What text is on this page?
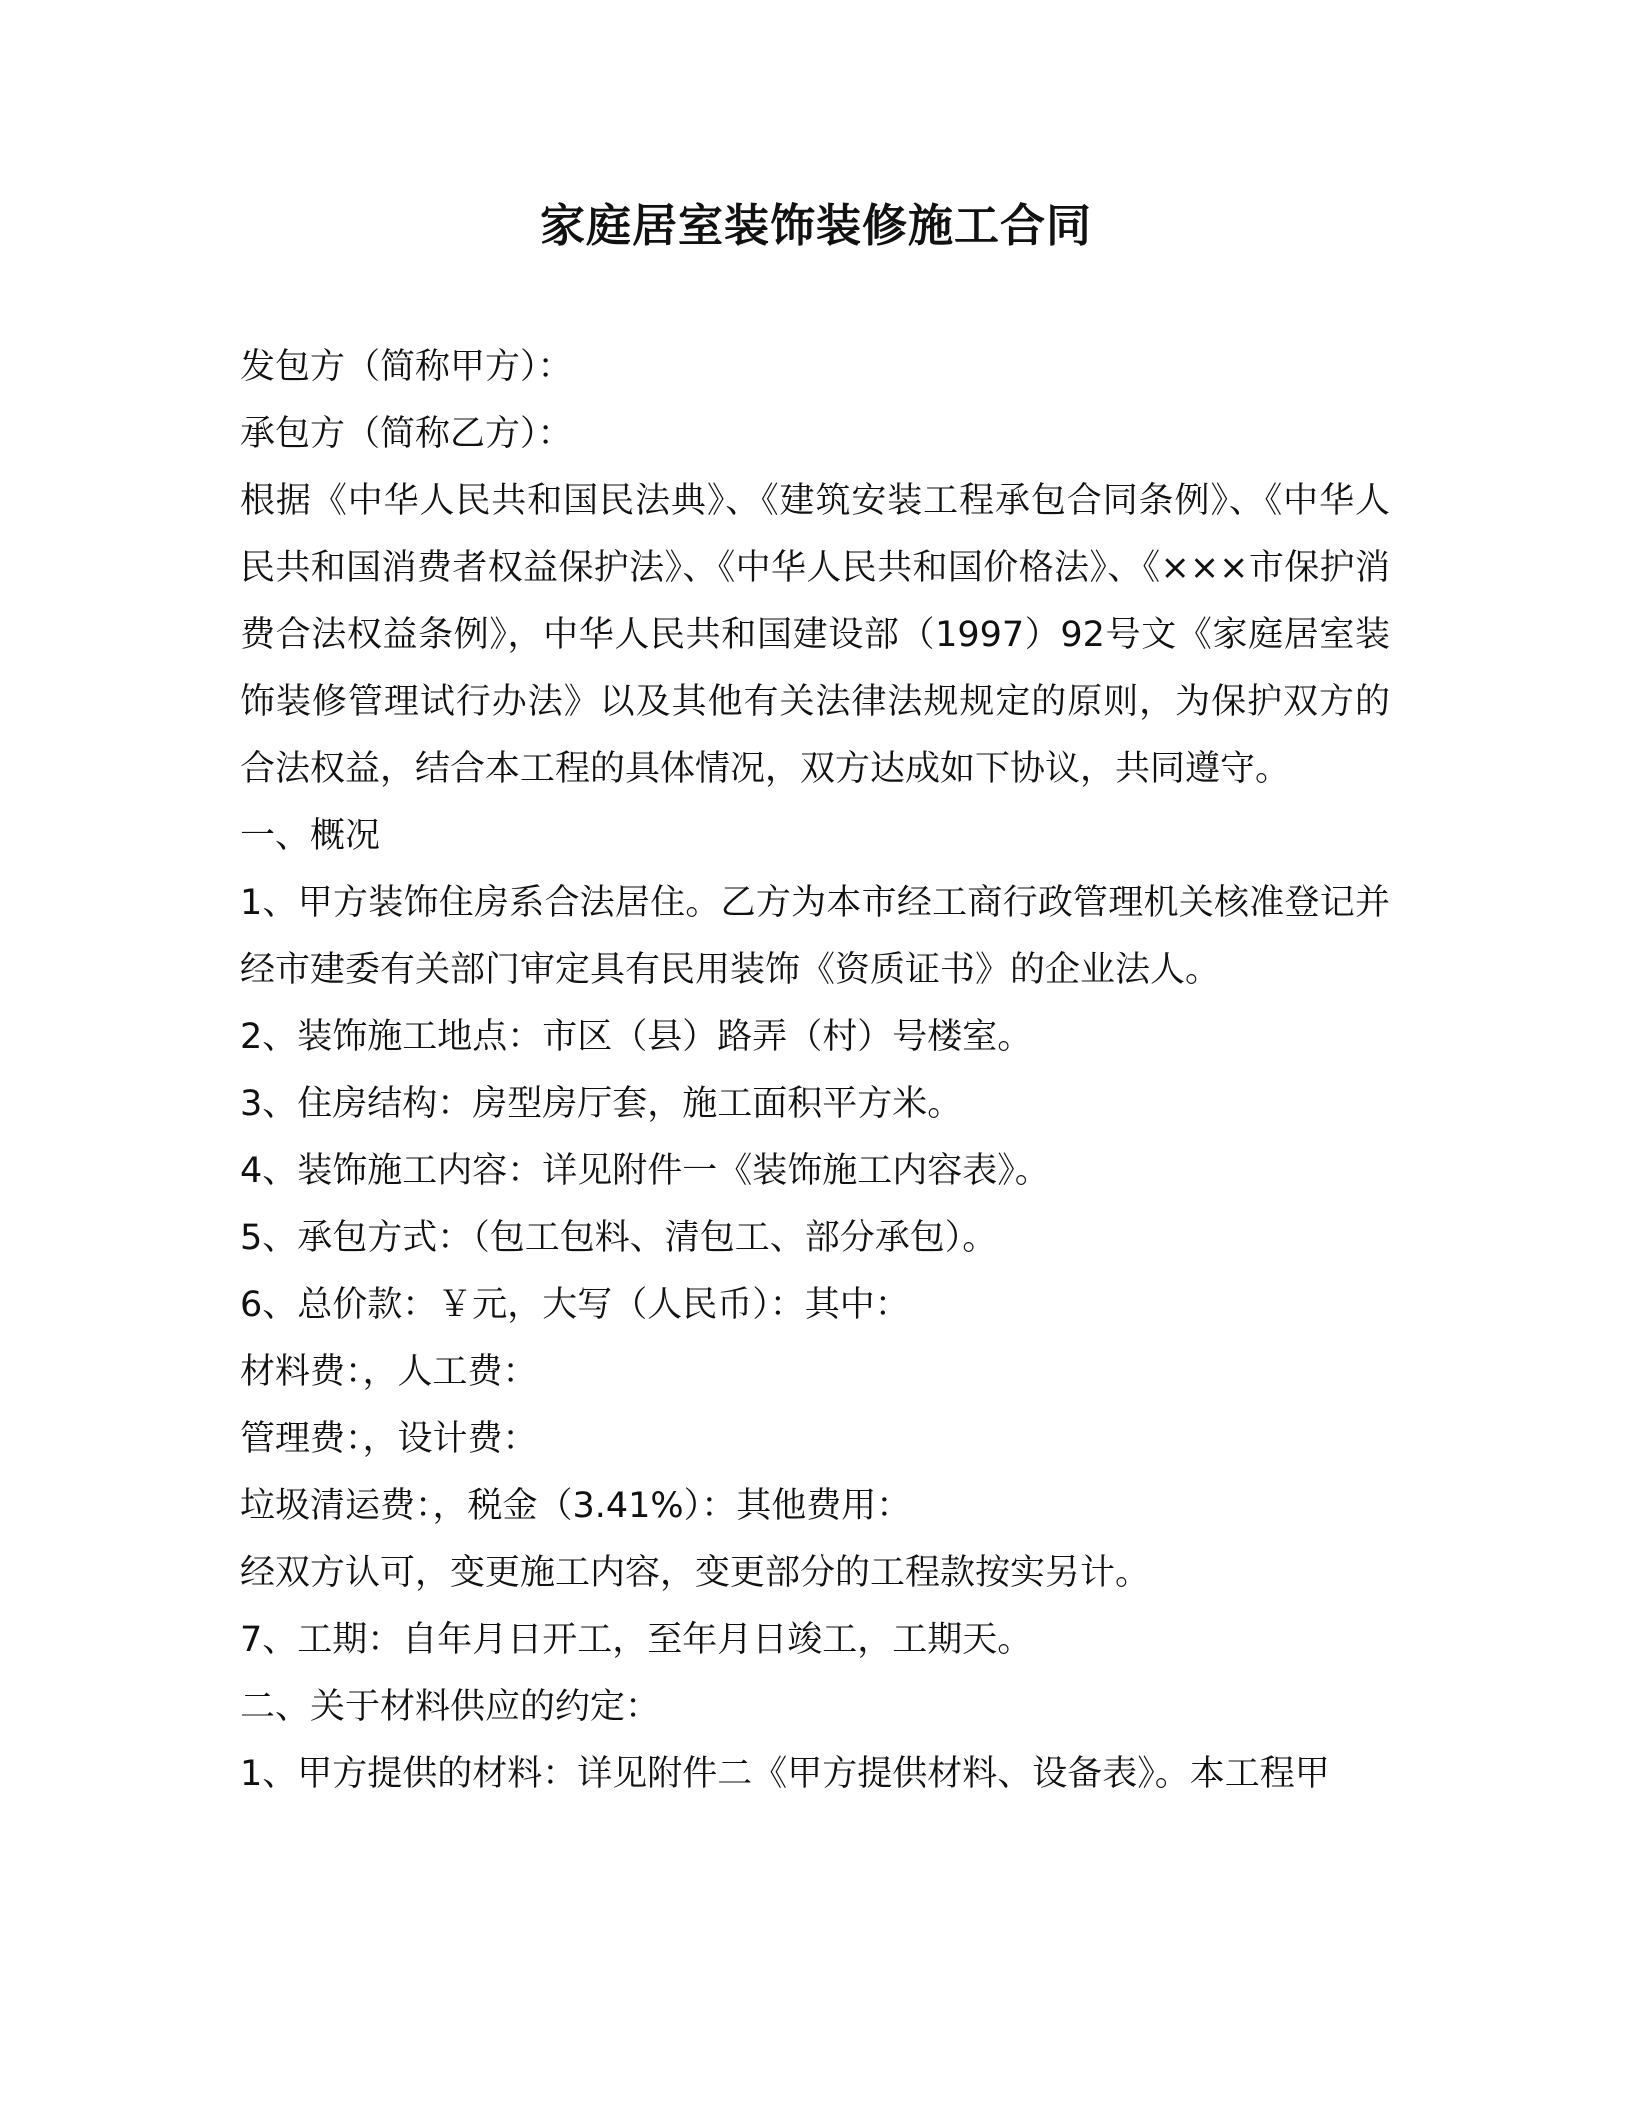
家庭居室装饰装修施工合同

发包方（简称甲方）：

承包方（简称乙方）：

根据《中华人民共和国民法典》、《建筑安装工程承包合同条例》、《中华人民共和国消费者权益保护法》、《中华人民共和国价格法》、《×××市保护消费合法权益条例》，中华人民共和国建设部（1997）92号文《家庭居室装饰装修管理试行办法》以及其他有关法律法规规定的原则，为保护双方的合法权益，结合本工程的具体情况，双方达成如下协议，共同遵守。

一、概况

1、甲方装饰住房系合法居住。乙方为本市经工商行政管理机关核准登记并经市建委有关部门审定具有民用装饰《资质证书》的企业法人。

2、装饰施工地点：市区（县）路弄（村）号楼室。

3、住房结构：房型房厅套，施工面积平方米。

4、装饰施工内容：详见附件一《装饰施工内容表》。

5、承包方式：（包工包料、清包工、部分承包）。

6、总价款：￥元，大写（人民币）：其中：

材料费：，人工费：

管理费：，设计费：

垃圾清运费：，税金（3.41%）：其他费用：

经双方认可，变更施工内容，变更部分的工程款按实另计。

7、工期：自年月日开工，至年月日竣工，工期天。

二、关于材料供应的约定：

1、甲方提供的材料：详见附件二《甲方提供材料、设备表》。本工程甲
